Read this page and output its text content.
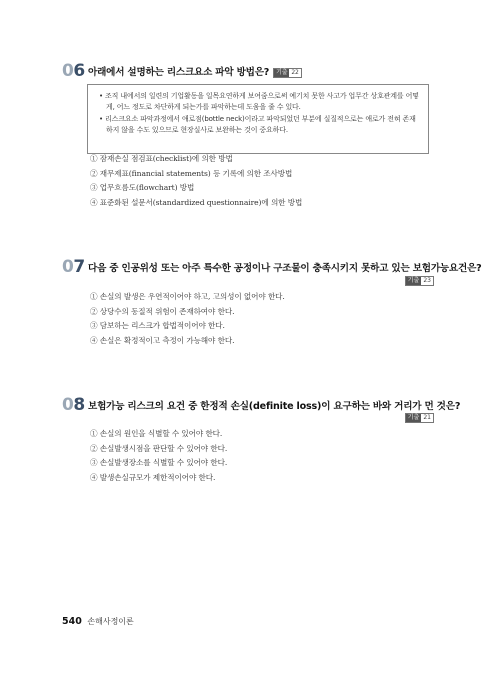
06 아래에서 설명하는 리스크요소 파악 방법은? 기출 22
• 조직 내에서의 일련의 기업활동을 일목요연하게 보여줌으로써 예기치 못한 사고가 업무간 상호관계를 어떻게, 어느 정도로 차단하게 되는가를 파악하는데 도움을 줄 수 있다.
• 리스크요소 파악과정에서 애로점(bottle neck)이라고 파악되었던 부분에 실질적으로는 애로가 전혀 존재하지 않을 수도 있으므로 현장실사로 보완하는 것이 중요하다.
① 잠재손실 점검표(checklist)에 의한 방법
② 재무제표(financial statements) 등 기록에 의한 조사방법
③ 업무흐름도(flowchart) 방법
④ 표준화된 설문서(standardized questionnaire)에 의한 방법
07 다음 중 인공위성 또는 아주 특수한 공정이나 구조물이 충족시키지 못하고 있는 보험가능요건은?
기출 23
① 손실의 발생은 우연적이어야 하고, 고의성이 없어야 한다.
② 상당수의 동질적 위험이 존재하여야 한다.
③ 담보하는 리스크가 합법적이어야 한다.
④ 손실은 확정적이고 측정이 가능해야 한다.
08 보험가능 리스크의 요건 중 한정적 손실(definite loss)이 요구하는 바와 거리가 먼 것은?
기출 21
① 손실의 원인을 식별할 수 있어야 한다.
② 손실발생시점을 판단할 수 있어야 한다.
③ 손실발생장소를 식별할 수 있어야 한다.
④ 발생손실규모가 제한적이어야 한다.
540 손해사정이론
